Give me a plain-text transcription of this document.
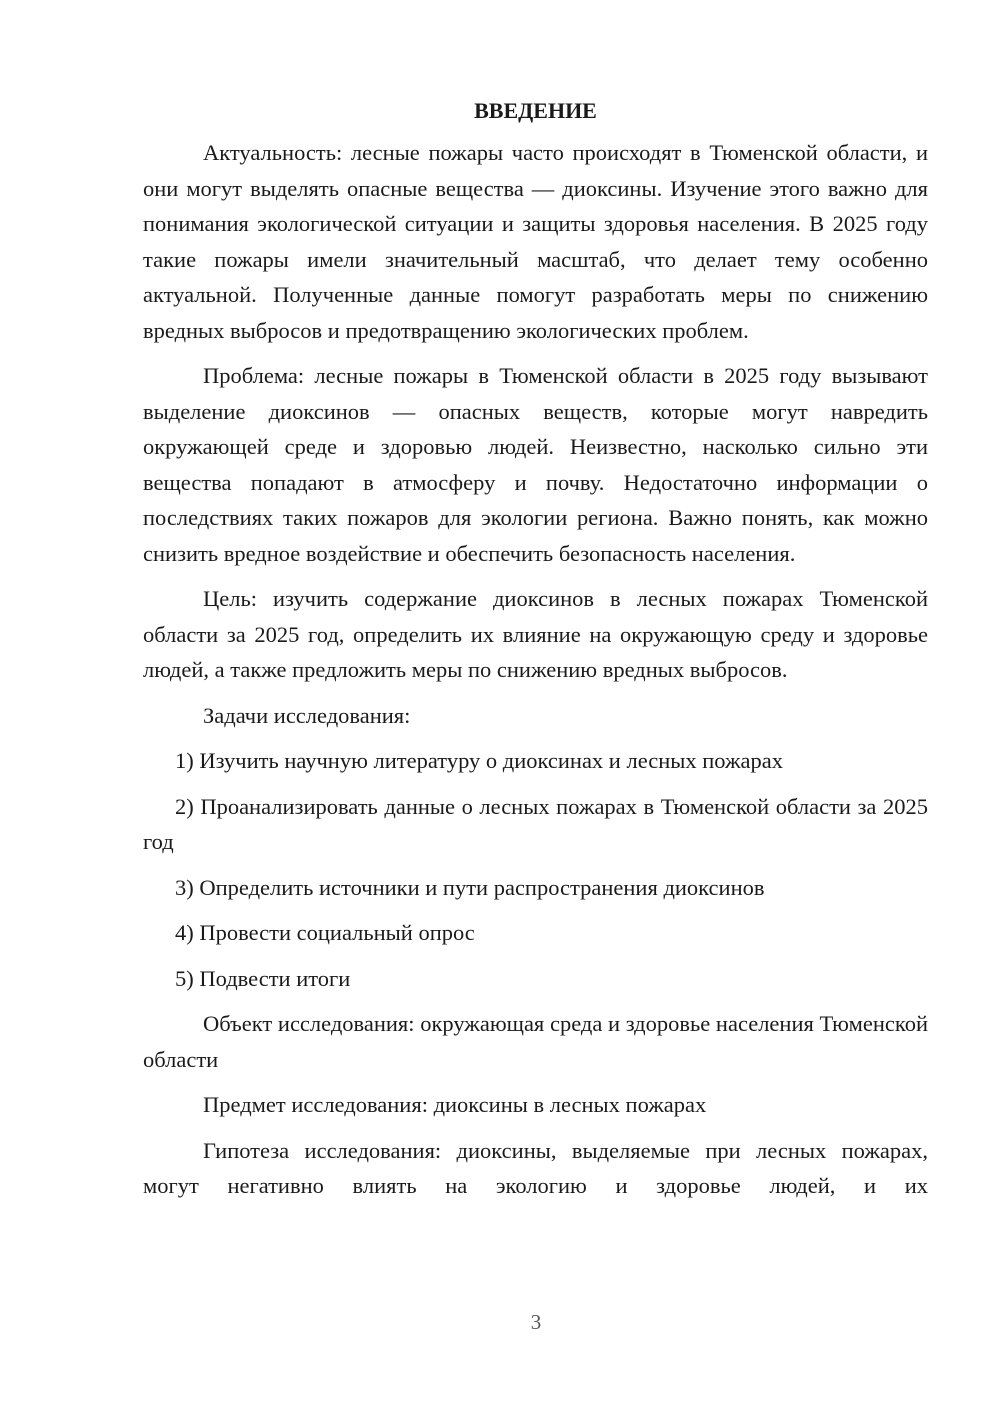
ВВЕДЕНИЕ

Актуальность: лесные пожары часто происходят в Тюменской области, и они могут выделять опасные вещества — диоксины. Изучение этого важно для понимания экологической ситуации и защиты здоровья населения. В 2025 году такие пожары имели значительный масштаб, что делает тему особенно актуальной. Полученные данные помогут разработать меры по снижению вредных выбросов и предотвращению экологических проблем.

Проблема: лесные пожары в Тюменской области в 2025 году вызывают выделение диоксинов — опасных веществ, которые могут навредить окружающей среде и здоровью людей. Неизвестно, насколько сильно эти вещества попадают в атмосферу и почву. Недостаточно информации о последствиях таких пожаров для экологии региона. Важно понять, как можно снизить вредное воздействие и обеспечить безопасность населения.

Цель: изучить содержание диоксинов в лесных пожарах Тюменской области за 2025 год, определить их влияние на окружающую среду и здоровье людей, а также предложить меры по снижению вредных выбросов.

Задачи исследования:

1) Изучить научную литературу о диоксинах и лесных пожарах

2) Проанализировать данные о лесных пожарах в Тюменской области за 2025 год

3) Определить источники и пути распространения диоксинов

4) Провести социальный опрос

5) Подвести итоги

Объект исследования: окружающая среда и здоровье населения Тюменской области

Предмет исследования: диоксины в лесных пожарах

Гипотеза исследования: диоксины, выделяемые при лесных пожарах, могут негативно влиять на экологию и здоровье людей, и их

3
